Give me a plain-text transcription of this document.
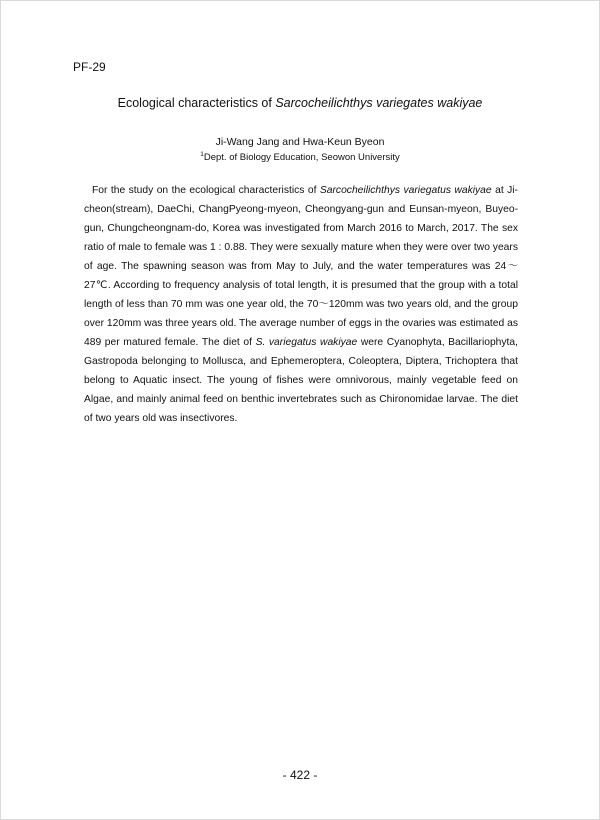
PF-29
Ecological characteristics of Sarcocheilichthys variegates wakiyae
Ji-Wang Jang and Hwa-Keun Byeon
$^1$Dept. of Biology Education, Seowon University

For the study on the ecological characteristics of Sarcocheilichthys variegatus wakiyae at Ji-cheon(stream), DaeChi, ChangPyeong-myeon, Cheongyang-gun and Eunsan-myeon, Buyeo-gun, Chungcheongnam-do, Korea was investigated from March 2016 to March, 2017. The sex ratio of male to female was 1 : 0.88. They were sexually mature when they were over two years of age. The spawning season was from May to July, and the water temperatures was 24～27℃. According to frequency analysis of total length, it is presumed that the group with a total length of less than 70 mm was one year old, the 70～120mm was two years old, and the group over 120mm was three years old. The average number of eggs in the ovaries was estimated as 489 per matured female. The diet of S. variegatus wakiyae were Cyanophyta, Bacillariophyta, Gastropoda belonging to Mollusca, and Ephemeroptera, Coleoptera, Diptera, Trichoptera that belong to Aquatic insect. The young of fishes were omnivorous, mainly vegetable feed on Algae, and mainly animal feed on benthic invertebrates such as Chironomidae larvae. The diet of two years old was insectivores.

- 422 -
